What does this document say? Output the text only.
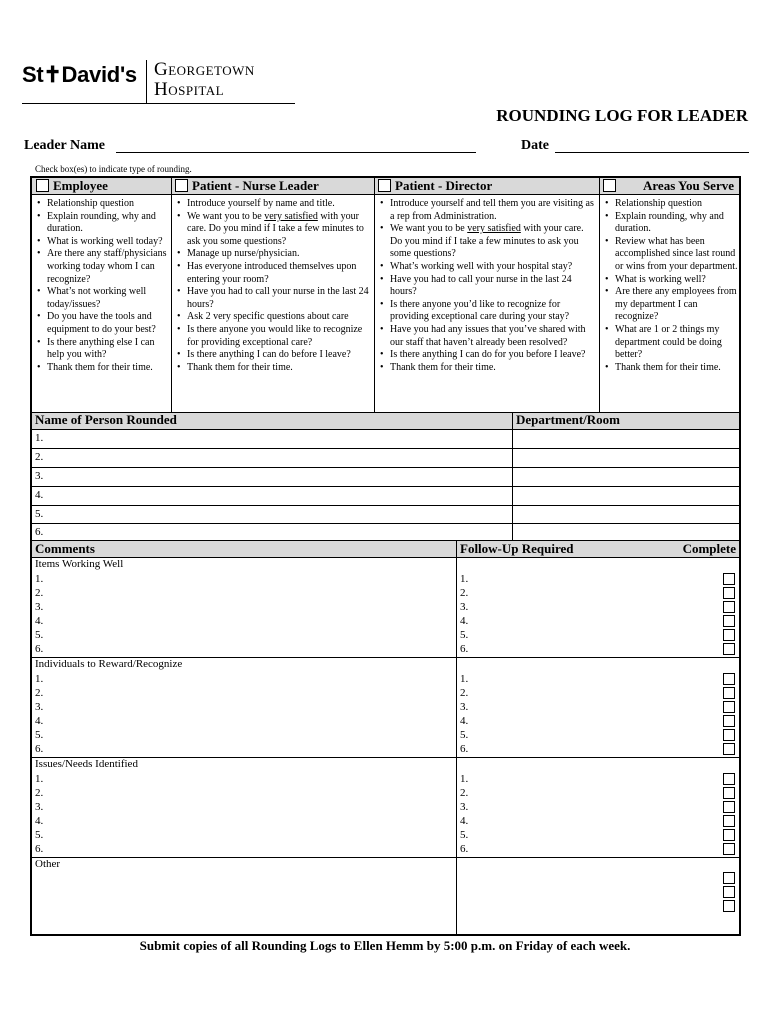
St✝David's Georgetown
Hospital
ROUNDING LOG FOR LEADER
Leader Name	Date
Check box(es) to indicate type of rounding.
Employee	Patient - Nurse Leader	Patient - Director	Areas You Serve
• Relationship question
• Explain rounding, why and duration.
• What is working well today?
• Are there any staff/physicians working today whom I can recognize?
• What’s not working well today/issues?
• Do you have the tools and equipment to do your best?
• Is there anything else I can help you with?
• Thank them for their time.
• Introduce yourself by name and title.
• We want you to be very satisfied with your care. Do you mind if I take a few minutes to ask you some questions?
• Manage up nurse/physician.
• Has everyone introduced themselves upon entering your room?
• Have you had to call your nurse in the last 24 hours?
• Ask 2 very specific questions about care
• Is there anyone you would like to recognize for providing exceptional care?
• Is there anything I can do before I leave?
• Thank them for their time.
• Introduce yourself and tell them you are visiting as a rep from Administration.
• We want you to be very satisfied with your care. Do you mind if I take a few minutes to ask you some questions?
• What’s working well with your hospital stay?
• Have you had to call your nurse in the last 24 hours?
• Is there anyone you’d like to recognize for providing exceptional care during your stay?
• Have you had any issues that you’ve shared with our staff that haven’t already been resolved?
• Is there anything I can do for you before I leave?
• Thank them for their time.
• Relationship question
• Explain rounding, why and duration.
• Review what has been accomplished since last round or wins from your department.
• What is working well?
• Are there any employees from my department I can recognize?
• What are 1 or 2 things my department could be doing better?
• Thank them for their time.
Name of Person Rounded	Department/Room
1.
2.
3.
4.
5.
6.
Comments	Follow-Up Required	Complete
Items Working Well
1.
2.
3.
4.
5.
6.
1.
2.
3.
4.
5.
6.
Individuals to Reward/Recognize
1.
2.
3.
4.
5.
6.
1.
2.
3.
4.
5.
6.
Issues/Needs Identified
1.
2.
3.
4.
5.
6.
1.
2.
3.
4.
5.
6.
Other
Submit copies of all Rounding Logs to Ellen Hemm by 5:00 p.m. on Friday of each week.
